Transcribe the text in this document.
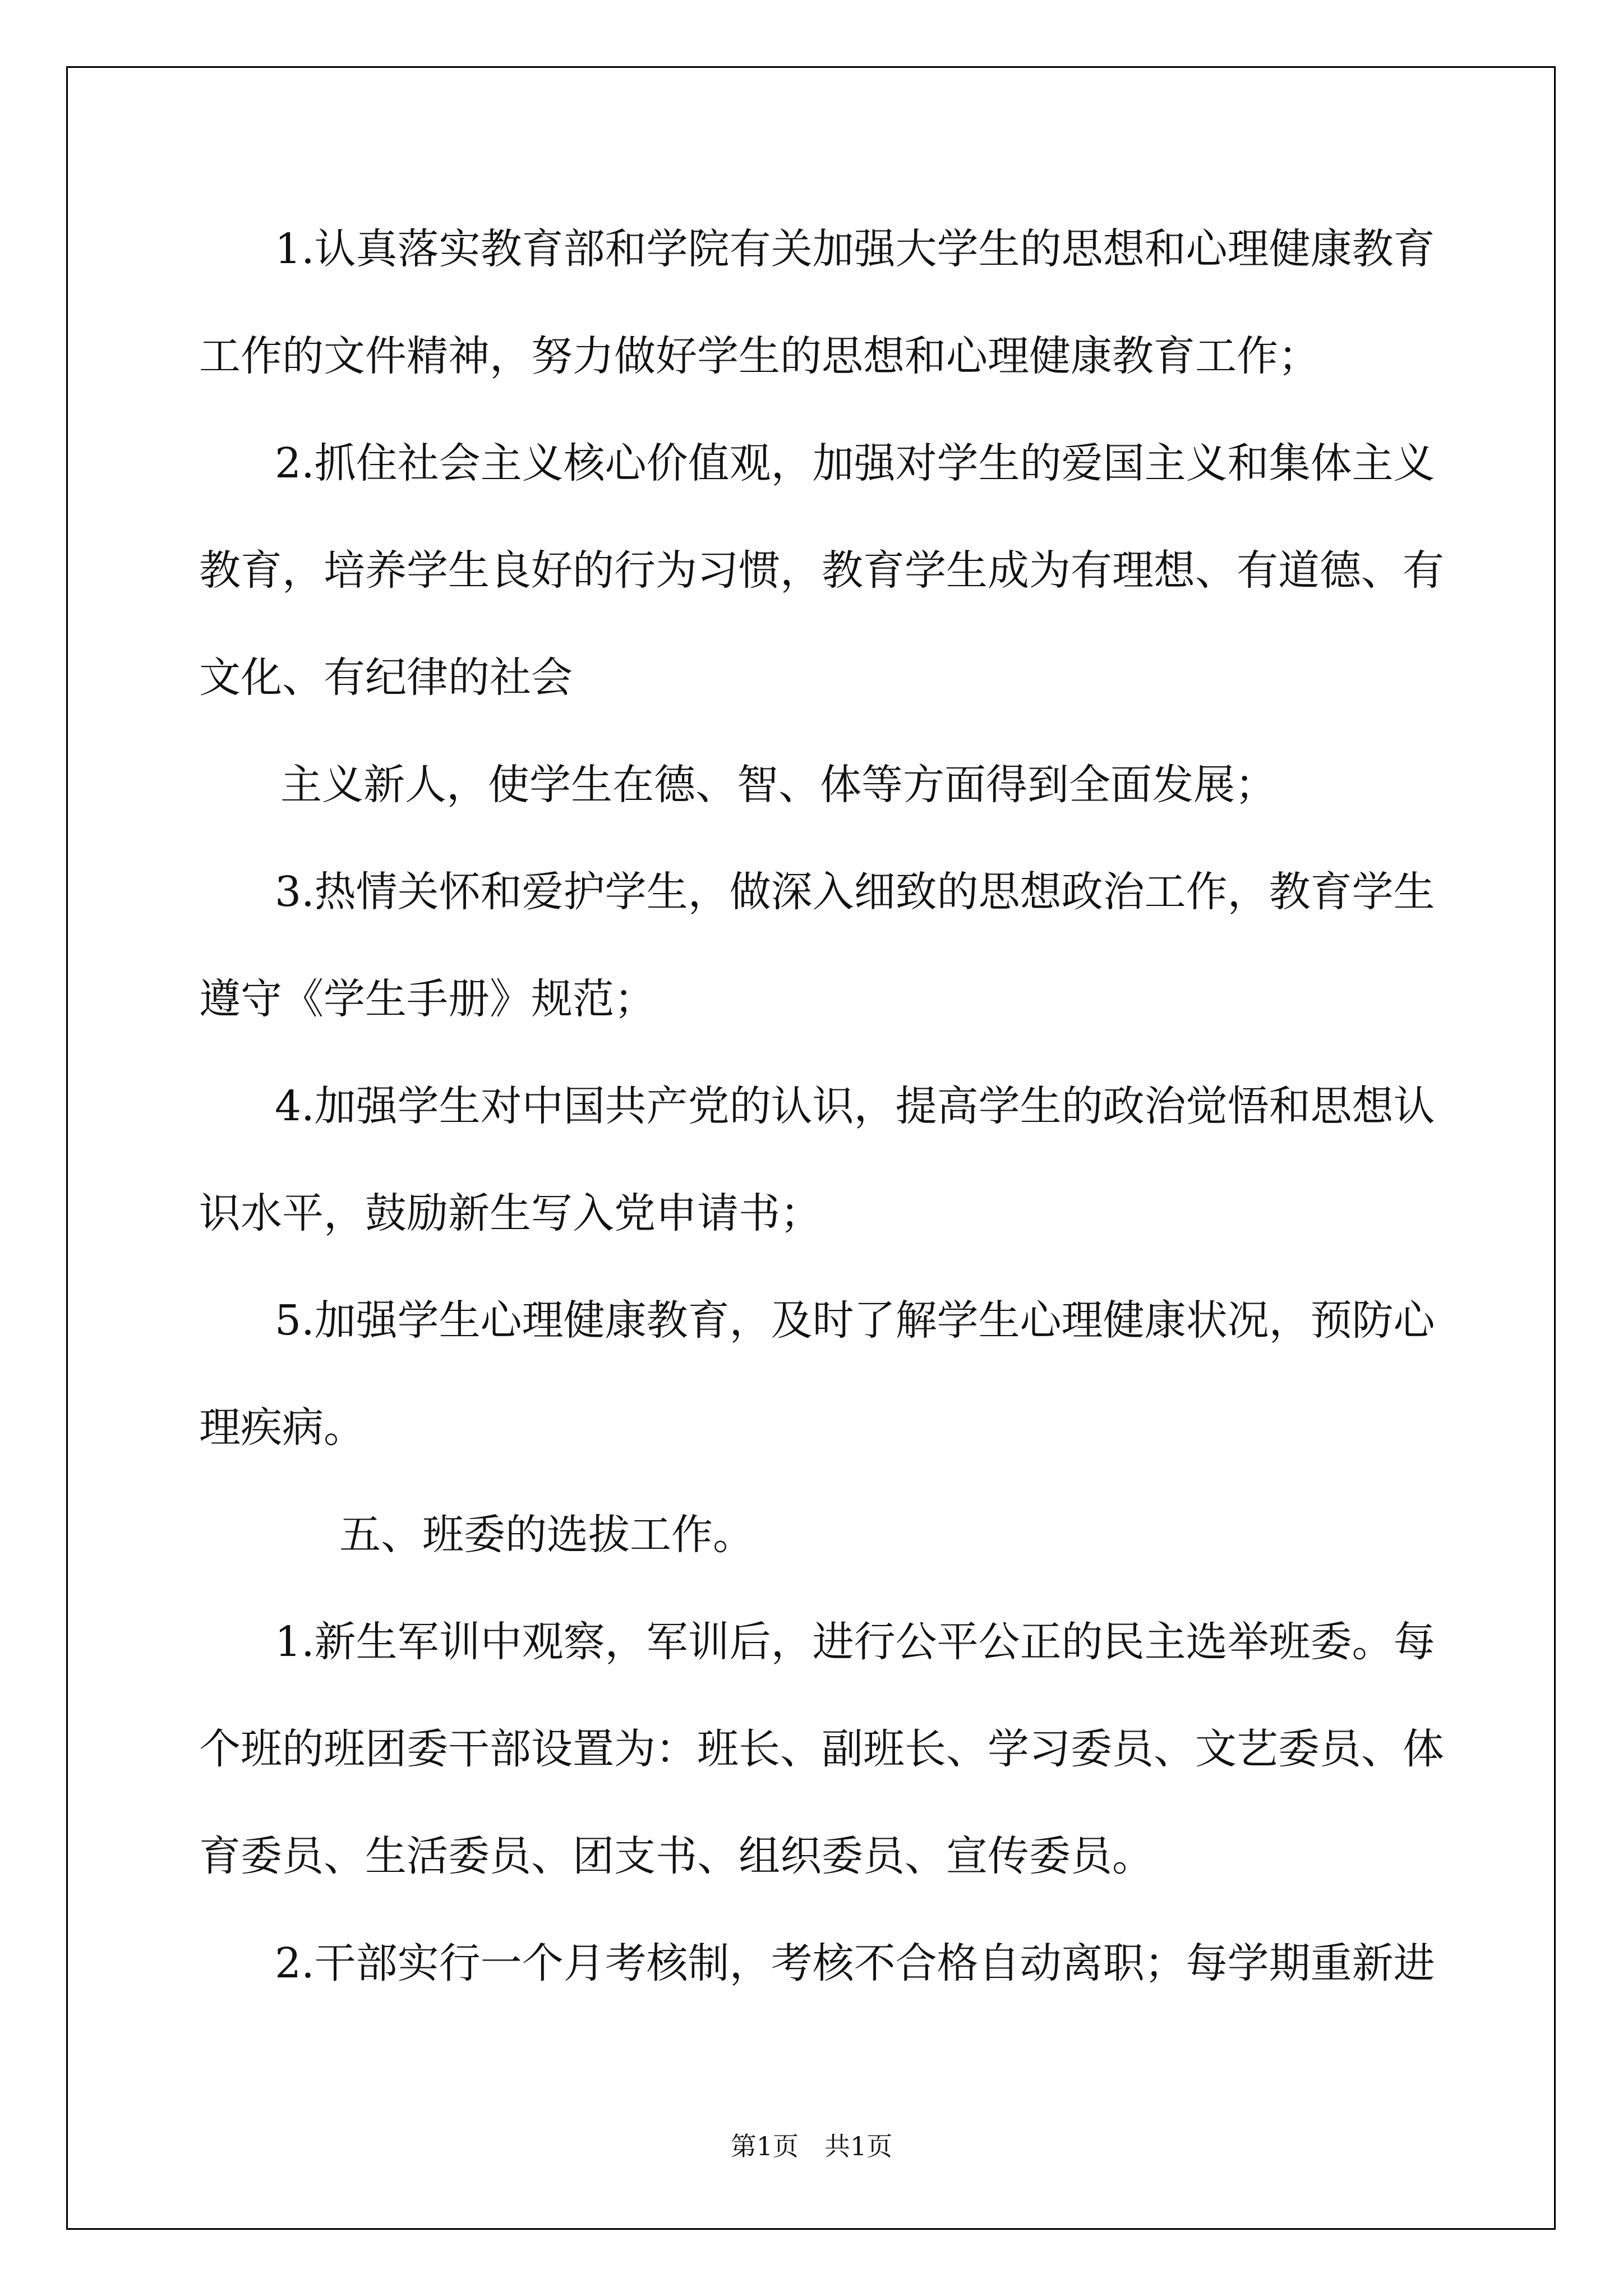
1.认真落实教育部和学院有关加强大学生的思想和心理健康教育

工作的文件精神，努力做好学生的思想和心理健康教育工作；

2.抓住社会主义核心价值观，加强对学生的爱国主义和集体主义

教育，培养学生良好的行为习惯，教育学生成为有理想、有道德、有

文化、有纪律的社会

主义新人，使学生在德、智、体等方面得到全面发展；

3.热情关怀和爱护学生，做深入细致的思想政治工作，教育学生

遵守《学生手册》规范；

4.加强学生对中国共产党的认识，提高学生的政治觉悟和思想认

识水平，鼓励新生写入党申请书；

5.加强学生心理健康教育，及时了解学生心理健康状况，预防心

理疾病。

五、班委的选拔工作。

1.新生军训中观察，军训后，进行公平公正的民主选举班委。每

个班的班团委干部设置为：班长、副班长、学习委员、文艺委员、体

育委员、生活委员、团支书、组织委员、宣传委员。

2.干部实行一个月考核制，考核不合格自动离职；每学期重新进

第1页　共1页
